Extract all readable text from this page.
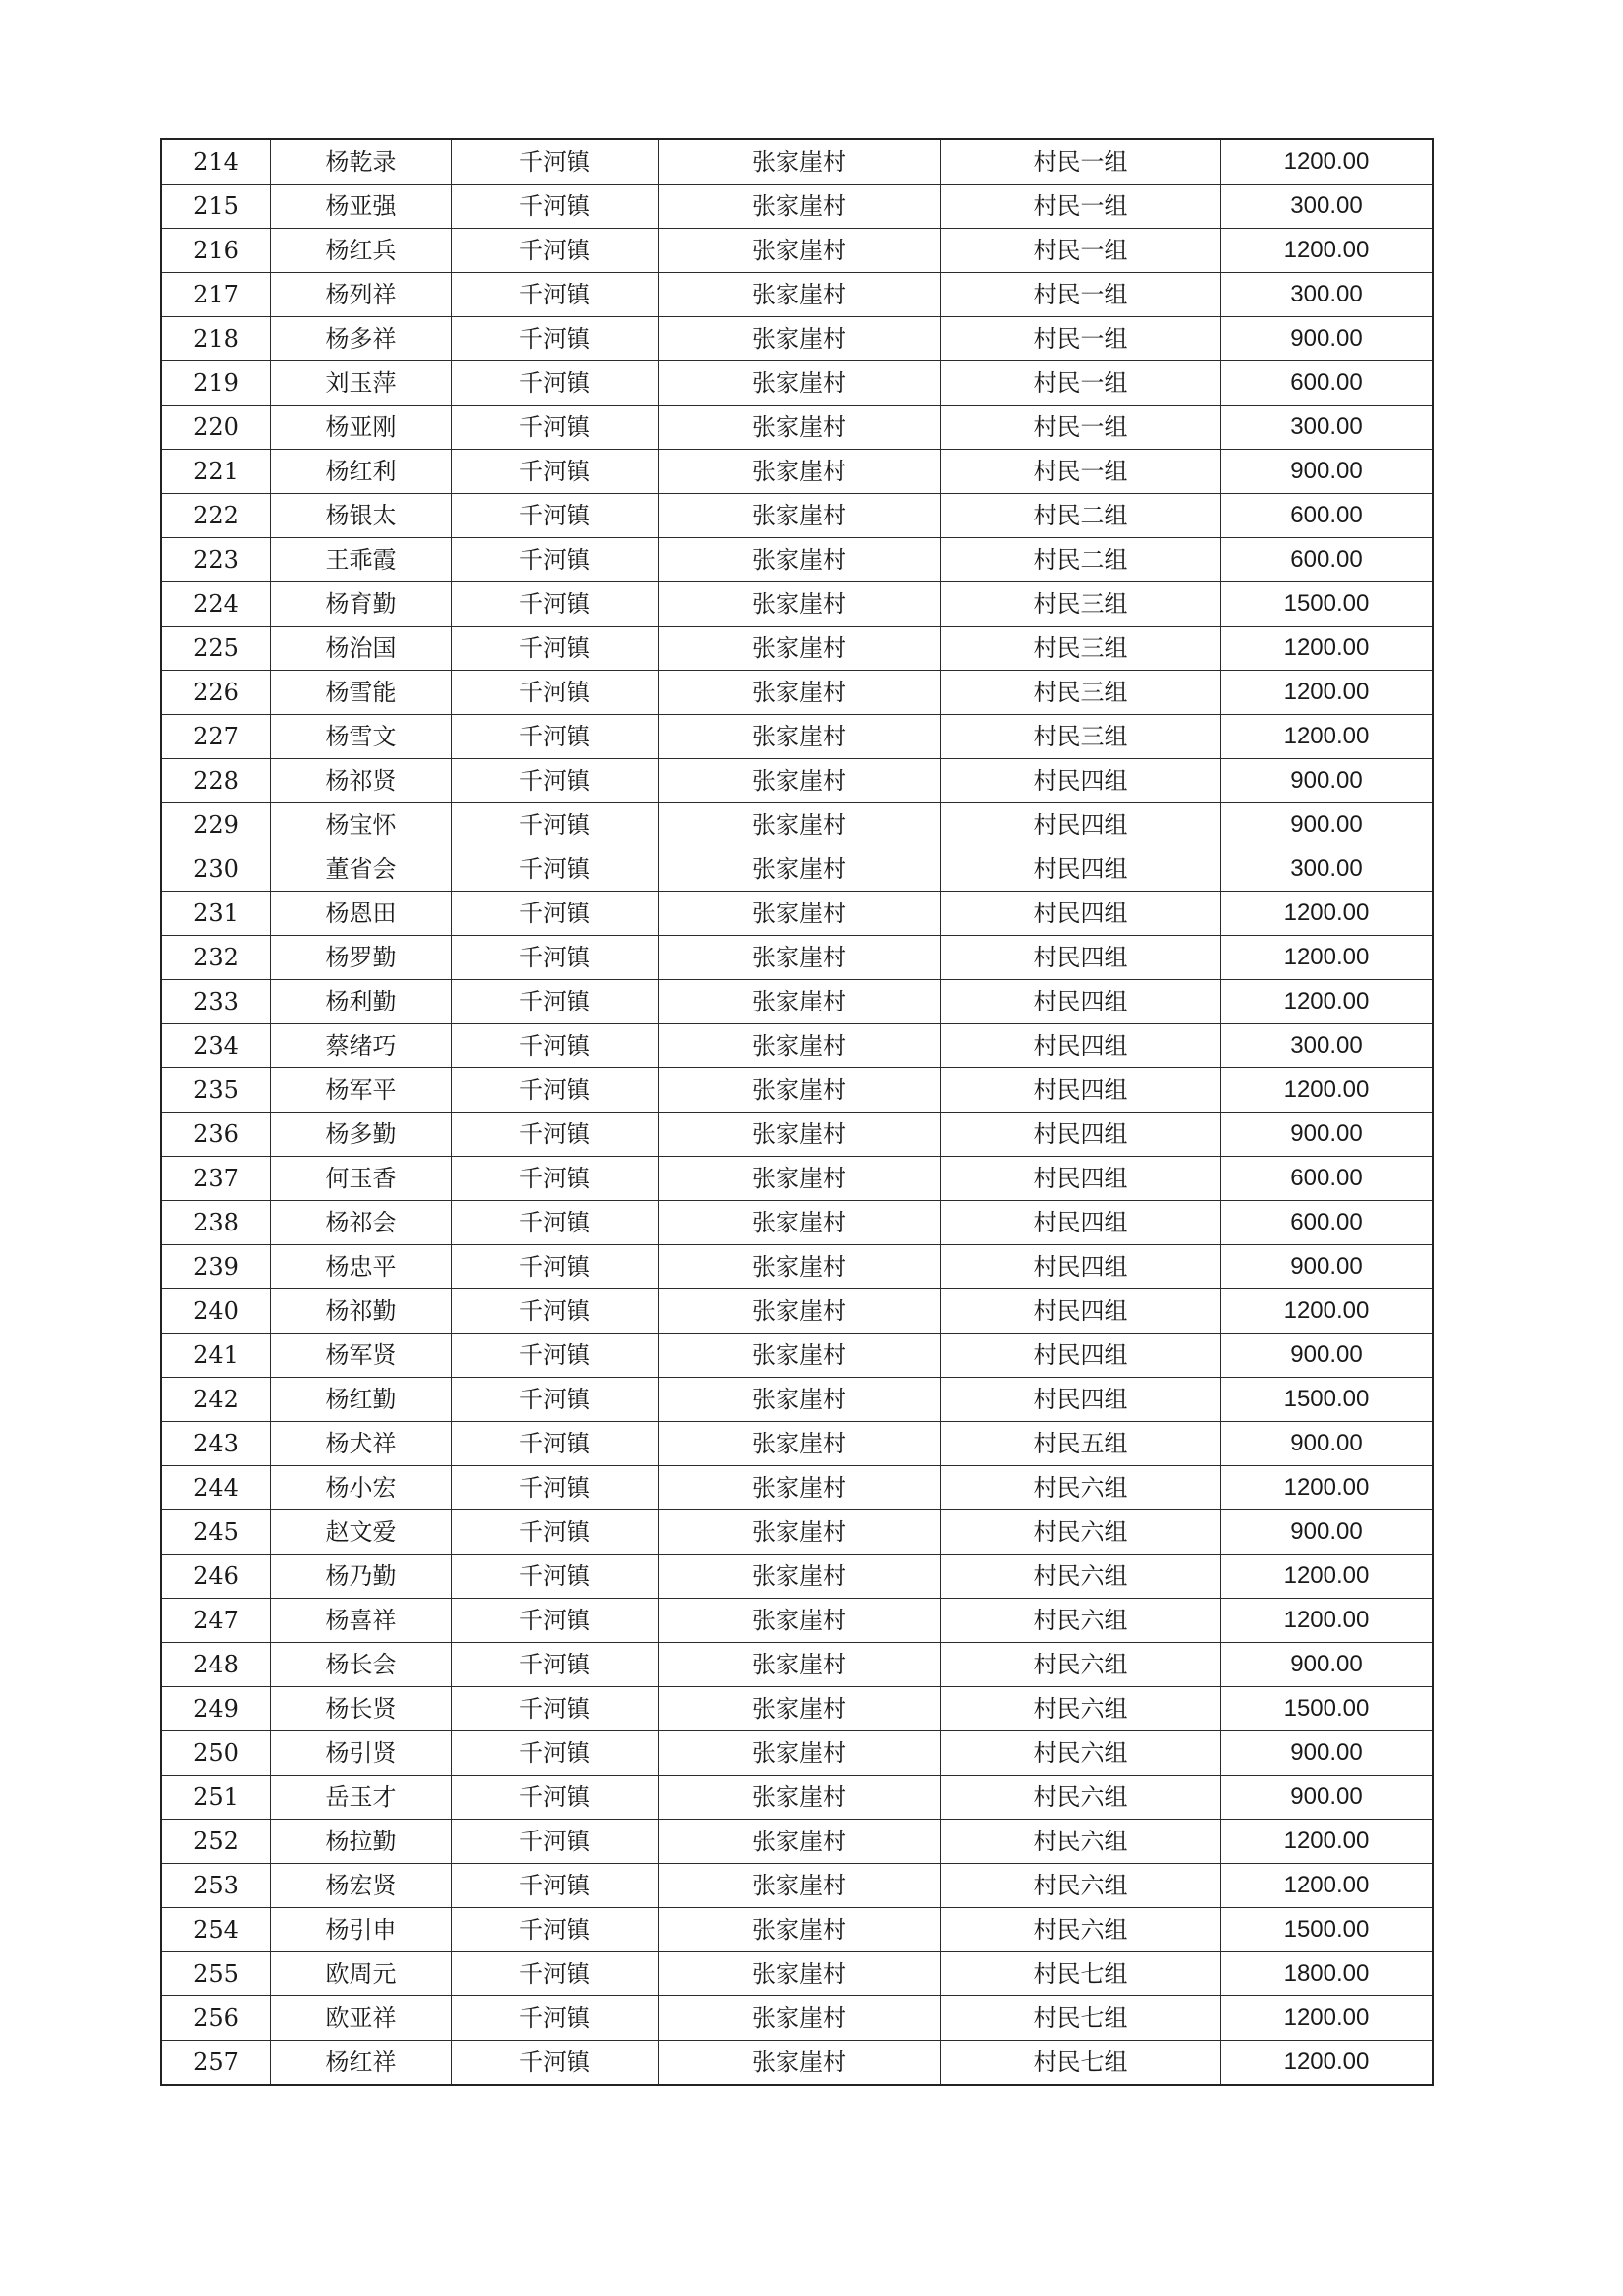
214	杨乾录	千河镇	张家崖村	村民一组	1200.00
215	杨亚强	千河镇	张家崖村	村民一组	300.00
216	杨红兵	千河镇	张家崖村	村民一组	1200.00
217	杨列祥	千河镇	张家崖村	村民一组	300.00
218	杨多祥	千河镇	张家崖村	村民一组	900.00
219	刘玉萍	千河镇	张家崖村	村民一组	600.00
220	杨亚刚	千河镇	张家崖村	村民一组	300.00
221	杨红利	千河镇	张家崖村	村民一组	900.00
222	杨银太	千河镇	张家崖村	村民二组	600.00
223	王乖霞	千河镇	张家崖村	村民二组	600.00
224	杨育勤	千河镇	张家崖村	村民三组	1500.00
225	杨治国	千河镇	张家崖村	村民三组	1200.00
226	杨雪能	千河镇	张家崖村	村民三组	1200.00
227	杨雪文	千河镇	张家崖村	村民三组	1200.00
228	杨祁贤	千河镇	张家崖村	村民四组	900.00
229	杨宝怀	千河镇	张家崖村	村民四组	900.00
230	董省会	千河镇	张家崖村	村民四组	300.00
231	杨恩田	千河镇	张家崖村	村民四组	1200.00
232	杨罗勤	千河镇	张家崖村	村民四组	1200.00
233	杨利勤	千河镇	张家崖村	村民四组	1200.00
234	蔡绪巧	千河镇	张家崖村	村民四组	300.00
235	杨军平	千河镇	张家崖村	村民四组	1200.00
236	杨多勤	千河镇	张家崖村	村民四组	900.00
237	何玉香	千河镇	张家崖村	村民四组	600.00
238	杨祁会	千河镇	张家崖村	村民四组	600.00
239	杨忠平	千河镇	张家崖村	村民四组	900.00
240	杨祁勤	千河镇	张家崖村	村民四组	1200.00
241	杨军贤	千河镇	张家崖村	村民四组	900.00
242	杨红勤	千河镇	张家崖村	村民四组	1500.00
243	杨犬祥	千河镇	张家崖村	村民五组	900.00
244	杨小宏	千河镇	张家崖村	村民六组	1200.00
245	赵文爱	千河镇	张家崖村	村民六组	900.00
246	杨乃勤	千河镇	张家崖村	村民六组	1200.00
247	杨喜祥	千河镇	张家崖村	村民六组	1200.00
248	杨长会	千河镇	张家崖村	村民六组	900.00
249	杨长贤	千河镇	张家崖村	村民六组	1500.00
250	杨引贤	千河镇	张家崖村	村民六组	900.00
251	岳玉才	千河镇	张家崖村	村民六组	900.00
252	杨拉勤	千河镇	张家崖村	村民六组	1200.00
253	杨宏贤	千河镇	张家崖村	村民六组	1200.00
254	杨引申	千河镇	张家崖村	村民六组	1500.00
255	欧周元	千河镇	张家崖村	村民七组	1800.00
256	欧亚祥	千河镇	张家崖村	村民七组	1200.00
257	杨红祥	千河镇	张家崖村	村民七组	1200.00
